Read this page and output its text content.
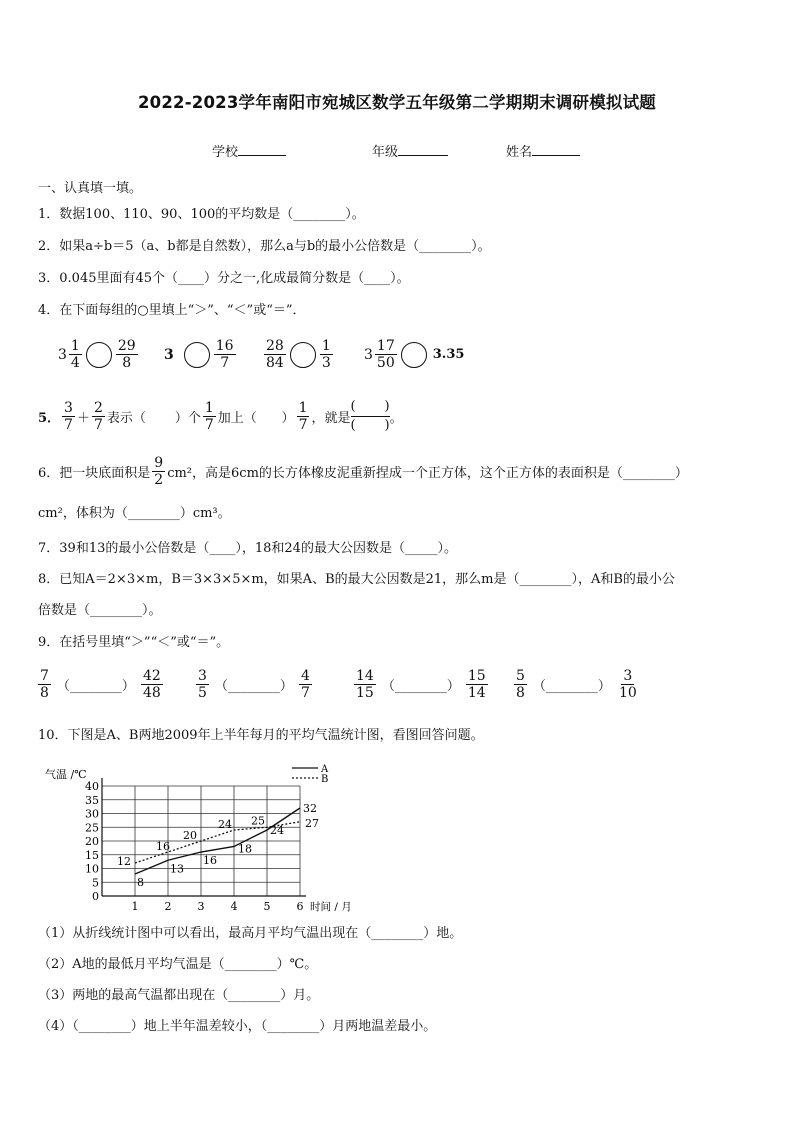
2022-2023学年南阳市宛城区数学五年级第二学期期末调研模拟试题
学校	年级	姓名
一、认真填一填。
1．数据100、110、90、100的平均数是（________）。
2．如果a÷b＝5（a、b都是自然数），那么a与b的最小公倍数是（________）。
3．0.045里面有45个（____）分之一,化成最简分数是（____）。
4．在下面每组的○里填上“＞”、“＜”或“＝”．
$3 \frac{1}{4} \frac{29}{8} 3$	$\frac{16}{7} \frac{28}{84} \frac{1}{3} 3 \frac{17}{50}$	3.35
5． $\frac{3}{7} + \frac{2}{7}$ 表示（       ）个 $\frac{1}{7}$ 加上（      ） $\frac{1}{7}$ ，就是
(       )
(       ) 。
6．把一块底面积是 $\frac{9}{2} cm^2$，高是6cm的长方体橡皮泥重新捏成一个正方体，这个正方体的表面积是（________）
cm²，体积为（________）cm³。
7．39和13的最小公倍数是（____），18和24的最大公因数是（_____）。
8．已知A＝2×3×m，B＝3×3×5×m，如果A、B的最大公因数是21，那么m是（________），A和B的最小公
倍数是（________）。
9．在括号里填“＞”“＜”或“＝”。
$\frac{7}{8}$ （________） $\frac{42}{48} \frac{3}{5}$ （________） $\frac{4}{7}$	$\frac{14}{15}$ （________） $\frac{15}{14} \frac{5}{8}$ （________） $\frac{3}{10}$
10．下图是A、B两地2009年上半年每月的平均气温统计图，看图回答问题。
0
5
10
15
20
25
30
35
40
1 2 3 4 5 6
气温 /℃
时间 / 月
A
B
8
13
16
18
24
32
12
16
20
24 25	27
（1）从折线统计图中可以看出，最高月平均气温出现在（________）地。
（2）A地的最低月平均气温是（________）℃。
（3）两地的最高气温都出现在（________）月。
（4）（________）地上半年温差较小，（________）月两地温差最小。
